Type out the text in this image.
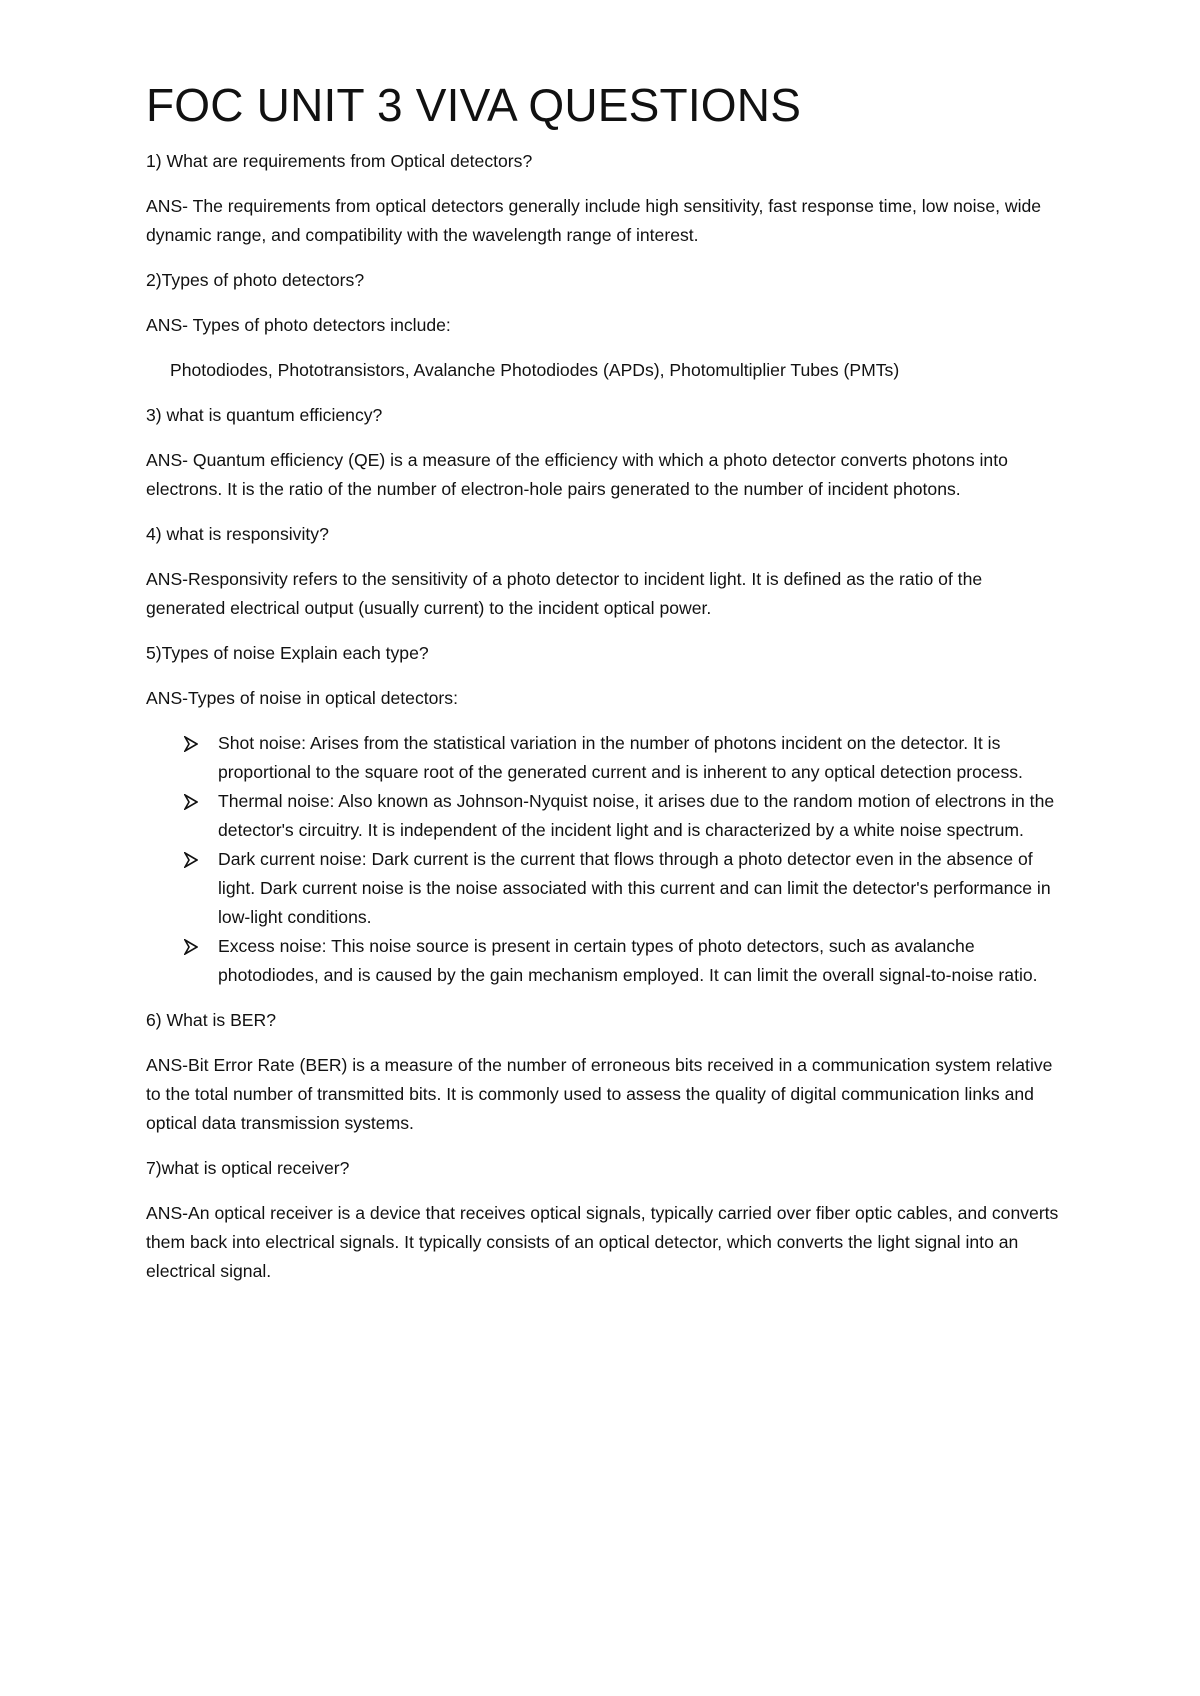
FOC UNIT 3 VIVA QUESTIONS

1) What are requirements from Optical detectors?

ANS- The requirements from optical detectors generally include high sensitivity, fast response time, low noise, wide dynamic range, and compatibility with the wavelength range of interest.

2)Types of photo detectors?

ANS- Types of photo detectors include:

Photodiodes, Phototransistors, Avalanche Photodiodes (APDs), Photomultiplier Tubes (PMTs)

3) what is quantum efficiency?

ANS- Quantum efficiency (QE) is a measure of the efficiency with which a photo detector converts photons into electrons. It is the ratio of the number of electron-hole pairs generated to the number of incident photons.

4) what is responsivity?

ANS-Responsivity refers to the sensitivity of a photo detector to incident light. It is defined as the ratio of the generated electrical output (usually current) to the incident optical power.

5)Types of noise Explain each type?

ANS-Types of noise in optical detectors:

Shot noise: Arises from the statistical variation in the number of photons incident on the detector. It is proportional to the square root of the generated current and is inherent to any optical detection process.
Thermal noise: Also known as Johnson-Nyquist noise, it arises due to the random motion of electrons in the detector's circuitry. It is independent of the incident light and is characterized by a white noise spectrum.
Dark current noise: Dark current is the current that flows through a photo detector even in the absence of light. Dark current noise is the noise associated with this current and can limit the detector's performance in low-light conditions.
Excess noise: This noise source is present in certain types of photo detectors, such as avalanche photodiodes, and is caused by the gain mechanism employed. It can limit the overall signal-to-noise ratio.

6) What is BER?

ANS-Bit Error Rate (BER) is a measure of the number of erroneous bits received in a communication system relative to the total number of transmitted bits. It is commonly used to assess the quality of digital communication links and optical data transmission systems.

7)what is optical receiver?

ANS-An optical receiver is a device that receives optical signals, typically carried over fiber optic cables, and converts them back into electrical signals. It typically consists of an optical detector, which converts the light signal into an electrical signal.
